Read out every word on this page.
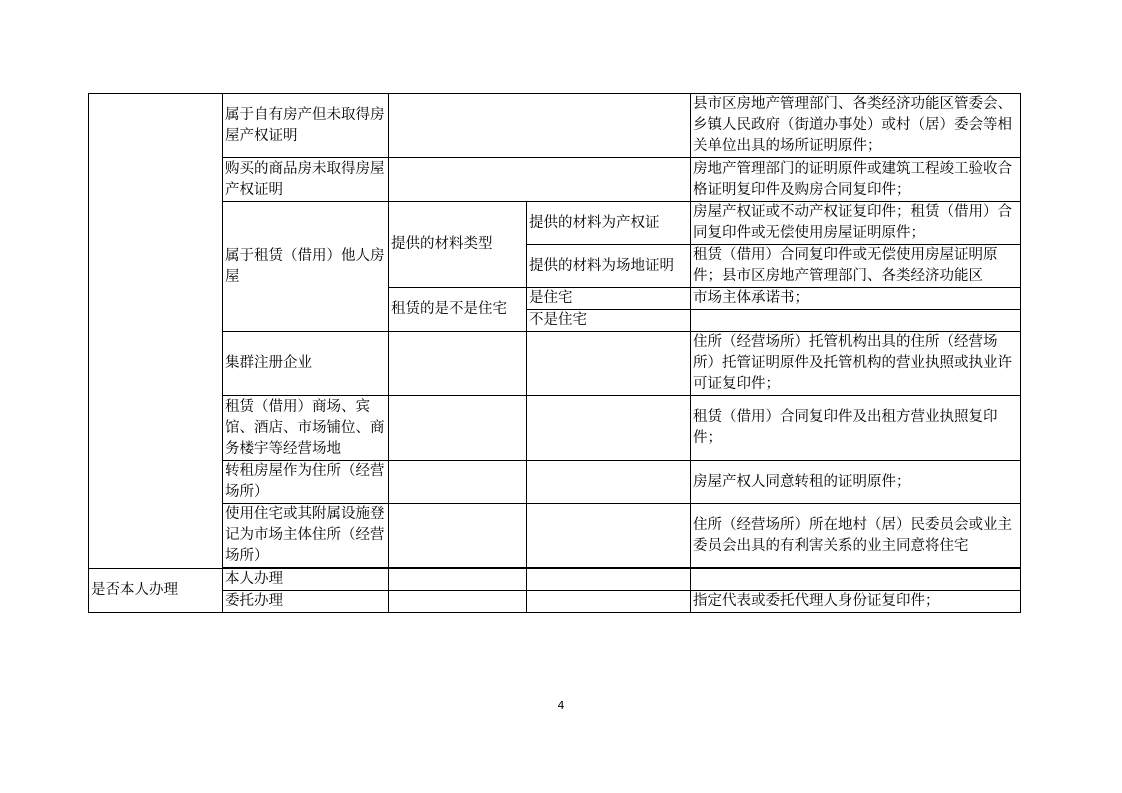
	属于自有房产但未取得房屋产权证明			县市区房地产管理部门、各类经济功能区管委会、乡镇人民政府（街道办事处）或村（居）委会等相关单位出具的场所证明原件；
	购买的商品房未取得房屋产权证明			房地产管理部门的证明原件或建筑工程竣工验收合格证明复印件及购房合同复印件；
	属于租赁（借用）他人房屋	提供的材料类型	提供的材料为产权证	房屋产权证或不动产权证复印件；租赁（借用）合同复印件或无偿使用房屋证明原件；
			提供的材料为场地证明	租赁（借用）合同复印件或无偿使用房屋证明原件；县市区房地产管理部门、各类经济功能区

		租赁的是不是住宅	是住宅	市场主体承诺书；
			不是住宅	
	集群注册企业			住所（经营场所）托管机构出具的住所（经营场所）托管证明原件及托管机构的营业执照或执业许可证复印件；
	租赁（借用）商场、宾馆、酒店、市场铺位、商务楼宇等经营场地			租赁（借用）合同复印件及出租方营业执照复印件；
	转租房屋作为住所（经营场所）			房屋产权人同意转租的证明原件；
	使用住宅或其附属设施登记为市场主体住所（经营场所）			住所（经营场所）所在地村（居）民委员会或业主委员会出具的有利害关系的业主同意将住宅

是否本人办理	本人办理			
	委托办理			指定代表或委托代理人身份证复印件；
4
